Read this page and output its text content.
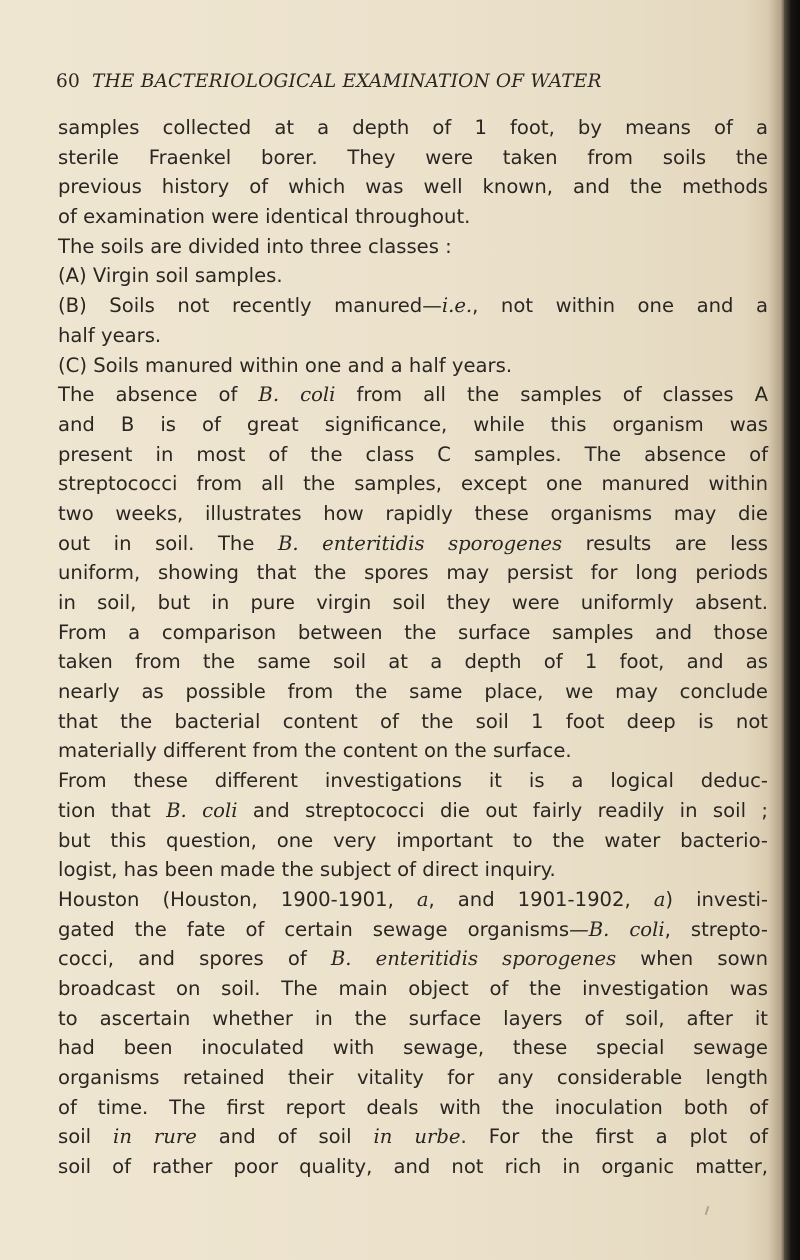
60 THE BACTERIOLOGICAL EXAMINATION OF WATER
samples collected at a depth of 1 foot, by means of a
sterile Fraenkel borer. They were taken from soils the
previous history of which was well known, and the methods
of examination were identical throughout.
The soils are divided into three classes :
(A) Virgin soil samples.
(B) Soils not recently manured—i.e., not within one and a
half years.
(C) Soils manured within one and a half years.
The absence of B. coli from all the samples of classes A
and B is of great significance, while this organism was
present in most of the class C samples. The absence of
streptococci from all the samples, except one manured within
two weeks, illustrates how rapidly these organisms may die
out in soil. The B. enteritidis sporogenes results are less
uniform, showing that the spores may persist for long periods
in soil, but in pure virgin soil they were uniformly absent.
From a comparison between the surface samples and those
taken from the same soil at a depth of 1 foot, and as
nearly as possible from the same place, we may conclude
that the bacterial content of the soil 1 foot deep is not
materially different from the content on the surface.
From these different investigations it is a logical deduc-
tion that B. coli and streptococci die out fairly readily in soil ;
but this question, one very important to the water bacterio-
logist, has been made the subject of direct inquiry.
Houston (Houston, 1900-1901, a, and 1901-1902, a) investi-
gated the fate of certain sewage organisms—B. coli, strepto-
cocci, and spores of B. enteritidis sporogenes when sown
broadcast on soil. The main object of the investigation was
to ascertain whether in the surface layers of soil, after it
had been inoculated with sewage, these special sewage
organisms retained their vitality for any considerable length
of time. The first report deals with the inoculation both of
soil in rure and of soil in urbe. For the first a plot of
soil of rather poor quality, and not rich in organic matter,
